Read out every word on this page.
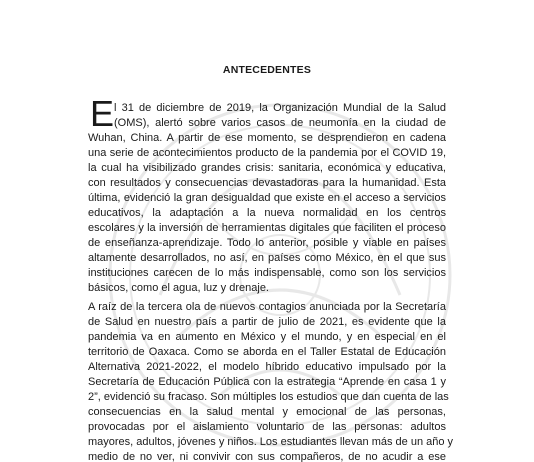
ANTECEDENTES
E l 31 de diciembre de 2019, la Organización Mundial de la Salud
(OMS), alertó sobre varios casos de neumonía en la ciudad de
Wuhan, China. A partir de ese momento, se desprendieron en cadena
una serie de acontecimientos producto de la pandemia por el COVID 19,
la cual ha visibilizado grandes crisis: sanitaria, económica y educativa,
con resultados y consecuencias devastadoras para la humanidad. Esta
última, evidenció la gran desigualdad que existe en el acceso a servicios
educativos, la adaptación a la nueva normalidad en los centros
escolares y la inversión de herramientas digitales que faciliten el proceso
de enseñanza-aprendizaje. Todo lo anterior, posible y viable en países
altamente desarrollados, no así, en países como México, en el que sus
instituciones carecen de lo más indispensable, como son los servicios
básicos, como el agua, luz y drenaje.
A raíz de la tercera ola de nuevos contagios anunciada por la Secretaría
de Salud en nuestro país a partir de julio de 2021, es evidente que la
pandemia va en aumento en México y el mundo, y en especial en el
territorio de Oaxaca. Como se aborda en el Taller Estatal de Educación
Alternativa 2021-2022, el modelo híbrido educativo impulsado por la
Secretaría de Educación Pública con la estrategia “Aprende en casa 1 y
2”, evidenció su fracaso. Son múltiples los estudios que dan cuenta de las
consecuencias en la salud mental y emocional de las personas,
provocadas por el aislamiento voluntario de las personas: adultos
mayores, adultos, jóvenes y niños. Los estudiantes llevan más de un año y
medio de no ver, ni convivir con sus compañeros, de no acudir a ese
